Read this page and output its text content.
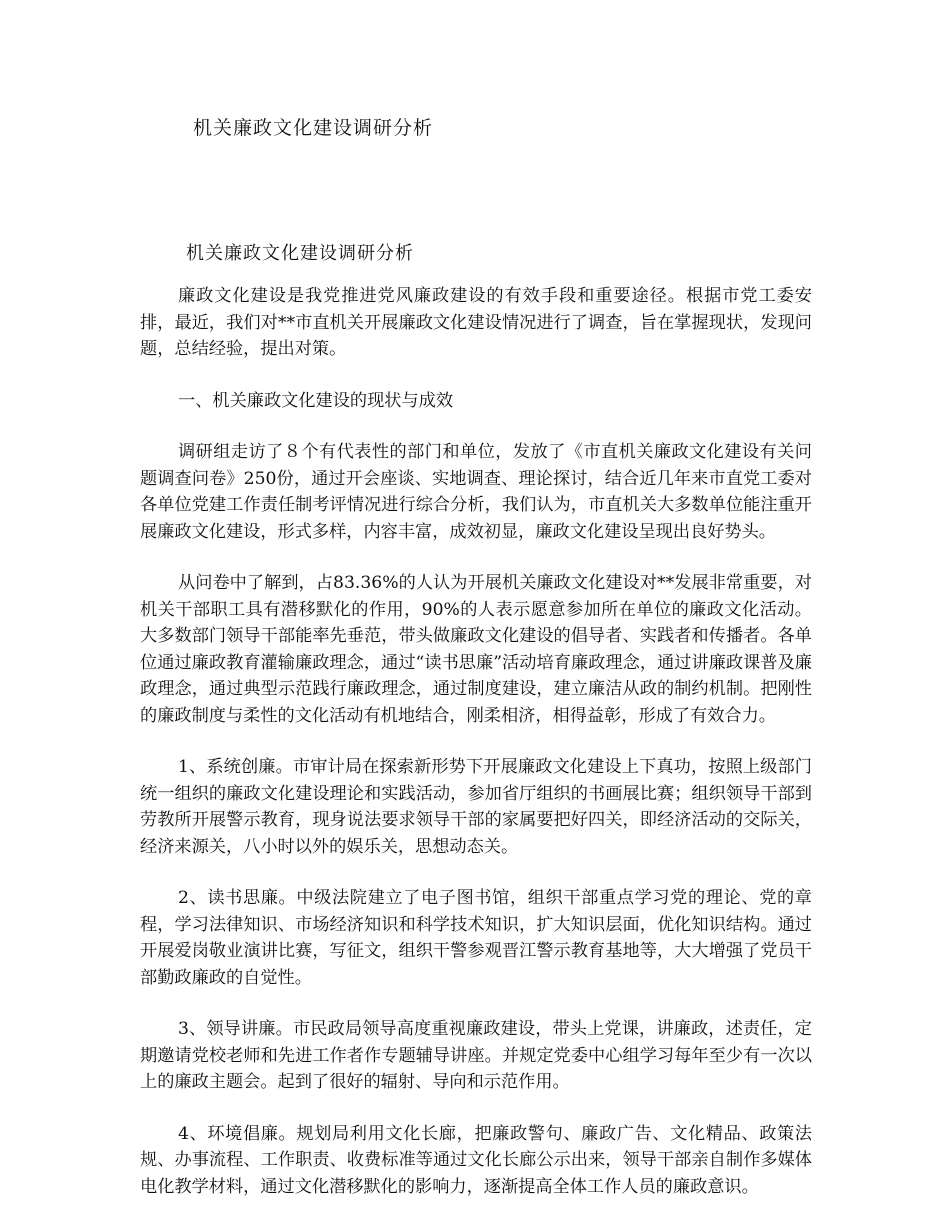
机关廉政文化建设调研分析
机关廉政文化建设调研分析

廉政文化建设是我党推进党风廉政建设的有效手段和重要途径。根据市党工委安排，最近，我们对**市直机关开展廉政文化建设情况进行了调查，旨在掌握现状，发现问题，总结经验，提出对策。

一、机关廉政文化建设的现状与成效

调研组走访了８个有代表性的部门和单位，发放了《市直机关廉政文化建设有关问题调查问卷》250份，通过开会座谈、实地调查、理论探讨，结合近几年来市直党工委对各单位党建工作责任制考评情况进行综合分析，我们认为，市直机关大多数单位能注重开展廉政文化建设，形式多样，内容丰富，成效初显，廉政文化建设呈现出良好势头。

从问卷中了解到，占83.36%的人认为开展机关廉政文化建设对**发展非常重要，对机关干部职工具有潜移默化的作用，90%的人表示愿意参加所在单位的廉政文化活动。大多数部门领导干部能率先垂范，带头做廉政文化建设的倡导者、实践者和传播者。各单位通过廉政教育灌输廉政理念，通过“读书思廉”活动培育廉政理念，通过讲廉政课普及廉政理念，通过典型示范践行廉政理念，通过制度建设，建立廉洁从政的制约机制。把刚性的廉政制度与柔性的文化活动有机地结合，刚柔相济，相得益彰，形成了有效合力。

1、系统创廉。市审计局在探索新形势下开展廉政文化建设上下真功，按照上级部门统一组织的廉政文化建设理论和实践活动，参加省厅组织的书画展比赛；组织领导干部到劳教所开展警示教育，现身说法要求领导干部的家属要把好四关，即经济活动的交际关，经济来源关，八小时以外的娱乐关，思想动态关。

2、读书思廉。中级法院建立了电子图书馆，组织干部重点学习党的理论、党的章程，学习法律知识、市场经济知识和科学技术知识，扩大知识层面，优化知识结构。通过开展爱岗敬业演讲比赛，写征文，组织干警参观晋江警示教育基地等，大大增强了党员干部勤政廉政的自觉性。

3、领导讲廉。市民政局领导高度重视廉政建设，带头上党课，讲廉政，述责任，定期邀请党校老师和先进工作者作专题辅导讲座。并规定党委中心组学习每年至少有一次以上的廉政主题会。起到了很好的辐射、导向和示范作用。

4、环境倡廉。规划局利用文化长廊，把廉政警句、廉政广告、文化精品、政策法规、办事流程、工作职责、收费标准等通过文化长廊公示出来，领导干部亲自制作多媒体电化教学材料，通过文化潜移默化的影响力，逐渐提高全体工作人员的廉政意识。
